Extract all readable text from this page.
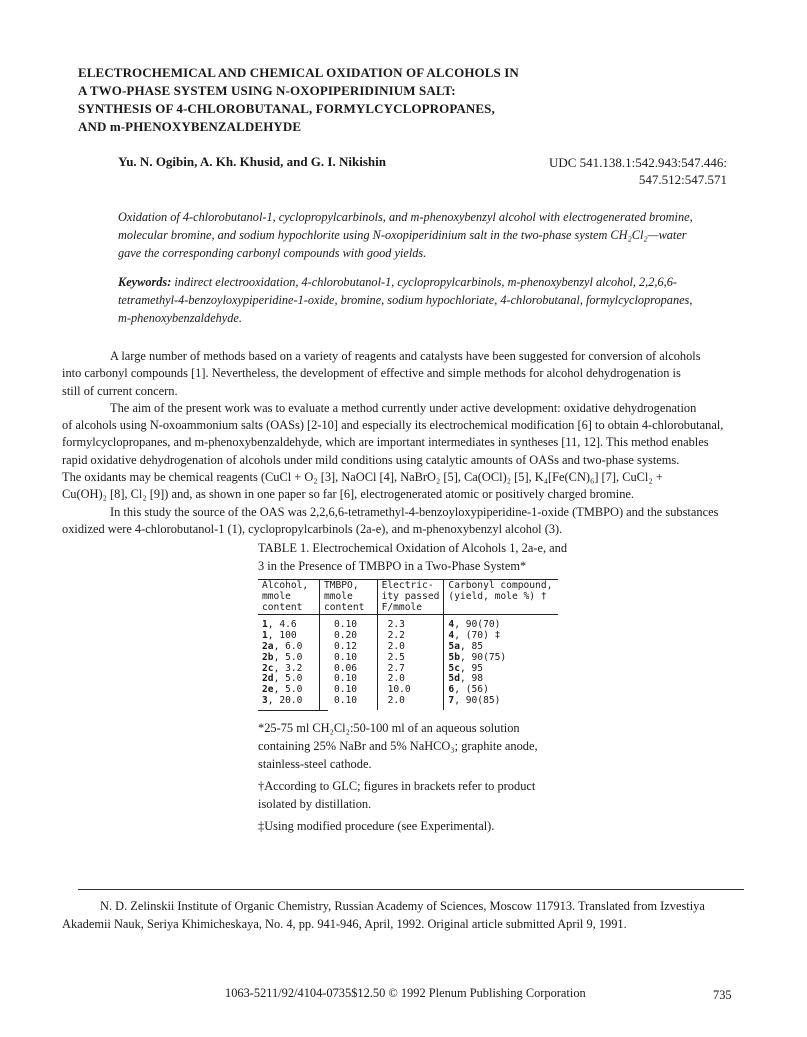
ELECTROCHEMICAL AND CHEMICAL OXIDATION OF ALCOHOLS IN
A TWO-PHASE SYSTEM USING N-OXOPIPERIDINIUM SALT:
SYNTHESIS OF 4-CHLOROBUTANAL, FORMYLCYCLOPROPANES,
AND m-PHENOXYBENZALDEHYDE
Yu. N. Ogibin, A. Kh. Khusid, and G. I. Nikishin	UDC 541.138.1:542.943:547.446:
547.512:547.571
Oxidation of 4-chlorobutanol-1, cyclopropylcarbinols, and m-phenoxybenzyl alcohol with electrogenerated bromine,
molecular bromine, and sodium hypochlorite using N-oxopiperidinium salt in the two-phase system CH₂Cl₂—water
gave the corresponding carbonyl compounds with good yields.
Keywords: indirect electrooxidation, 4-chlorobutanol-1, cyclopropylcarbinols, m-phenoxybenzyl alcohol, 2,2,6,6-
tetramethyl-4-benzoyloxypiperidine-1-oxide, bromine, sodium hypochloriate, 4-chlorobutanal, formylcyclopropanes,
m-phenoxybenzaldehyde.
A large number of methods based on a variety of reagents and catalysts have been suggested for conversion of alcohols
into carbonyl compounds [1]. Nevertheless, the development of effective and simple methods for alcohol dehydrogenation is
still of current concern.
The aim of the present work was to evaluate a method currently under active development: oxidative dehydrogenation
of alcohols using N-oxoammonium salts (OASs) [2-10] and especially its electrochemical modification [6] to obtain 4-chlorobutanal,
formylcyclopropanes, and m-phenoxybenzaldehyde, which are important intermediates in syntheses [11, 12]. This method enables
rapid oxidative dehydrogenation of alcohols under mild conditions using catalytic amounts of OASs and two-phase systems.
The oxidants may be chemical reagents (CuCl + O₂ [3], NaOCl [4], NaBrO₂ [5], Ca(OCl)₂ [5], K₄[Fe(CN)₆] [7], CuCl₂ +
Cu(OH)₂ [8], Cl₂ [9]) and, as shown in one paper so far [6], electrogenerated atomic or positively charged bromine.
In this study the source of the OAS was 2,2,6,6-tetramethyl-4-benzoyloxypiperidine-1-oxide (TMBPO) and the substances
oxidized were 4-chlorobutanol-1 (1), cyclopropylcarbinols (2a-e), and m-phenoxybenzyl alcohol (3).
TABLE 1. Electrochemical Oxidation of Alcohols 1, 2a-e, and
3 in the Presence of TMBPO in a Two-Phase System*
Alcohol,
mmole
content	TMBPO,
mmole
content	Electric-
ity passed
F/mmole	Carbonyl compound,
(yield, mole %) †
1, 4.6	0.10	2.3	4, 90(70)
1, 100	0.20	2.2	4, (70) ‡
2a, 6.0	0.12	2.0	5a, 85
2b, 5.0	0.10	2.5	5b, 90(75)
2c, 3.2	0.06	2.7	5c, 95
2d, 5.0	0.10	2.0	5d, 98
2e, 5.0	0.10	10.0	6, (56)
3, 20.0	0.10	2.0	7, 90(85)

*25-75 ml CH₂Cl₂:50-100 ml of an aqueous solution containing 25% NaBr and 5% NaHCO₃; graphite anode, stainless-steel cathode.

†According to GLC; figures in brackets refer to product isolated by distillation.

‡Using modified procedure (see Experimental).

N. D. Zelinskii Institute of Organic Chemistry, Russian Academy of Sciences, Moscow 117913. Translated from Izvestiya
Akademii Nauk, Seriya Khimicheskaya, No. 4, pp. 941-946, April, 1992. Original article submitted April 9, 1991.
1063-5211/92/4104-0735$12.50 © 1992 Plenum Publishing Corporation	735
